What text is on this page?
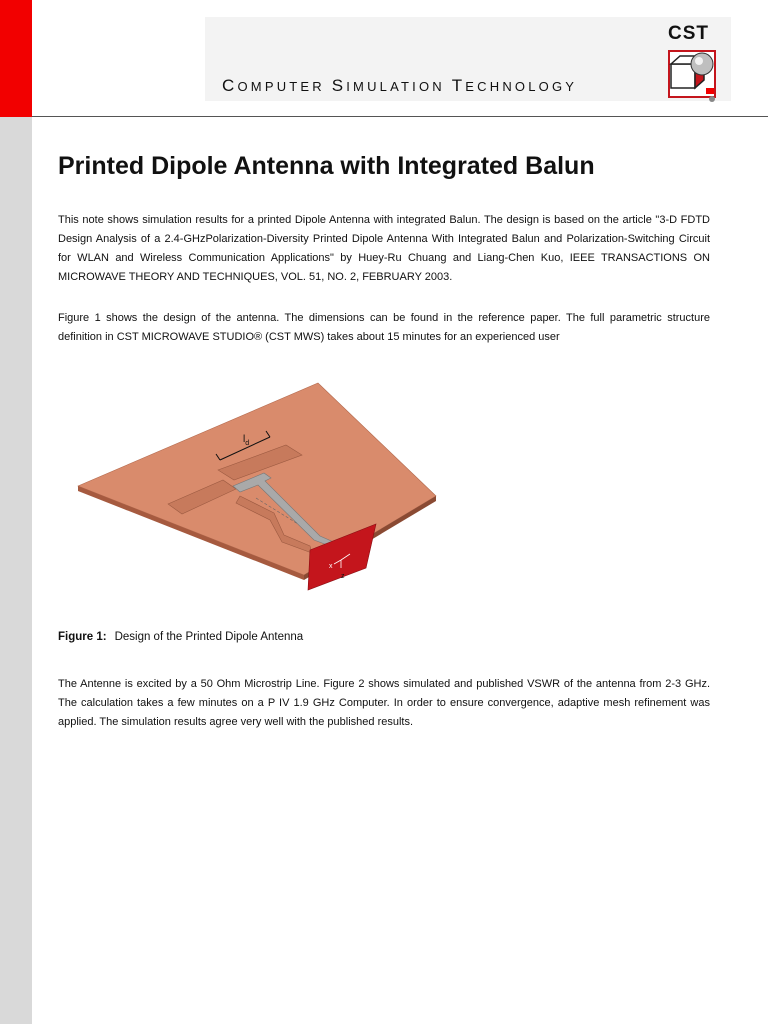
COMPUTER SIMULATION TECHNOLOGY
CST
Printed Dipole Antenna with Integrated Balun

This note shows simulation results for a printed Dipole Antenna with integrated Balun. The design is based on the article "3-D FDTD Design Analysis of a 2.4-GHzPolarization-Diversity Printed Dipole Antenna With Integrated Balun and Polarization-Switching Circuit for WLAN and Wireless Communication Applications" by Huey-Ru Chuang and Liang-Chen Kuo, IEEE TRANSACTIONS ON MICROWAVE THEORY AND TECHNIQUES, VOL. 51, NO. 2, FEBRUARY 2003.

Figure 1 shows the design of the antenna. The dimensions can be found in the reference paper. The full parametric structure definition in CST MICROWAVE STUDIO® (CST MWS) takes about 15 minutes for an experienced user

$l_d$
x
z
Figure 1: Design of the Printed Dipole Antenna

The Antenne is excited by a 50 Ohm Microstrip Line. Figure 2 shows simulated and published VSWR of the antenna from 2-3 GHz. The calculation takes a few minutes on a P IV 1.9 GHz Computer. In order to ensure convergence, adaptive mesh refinement was applied. The simulation results agree very well with the published results.
